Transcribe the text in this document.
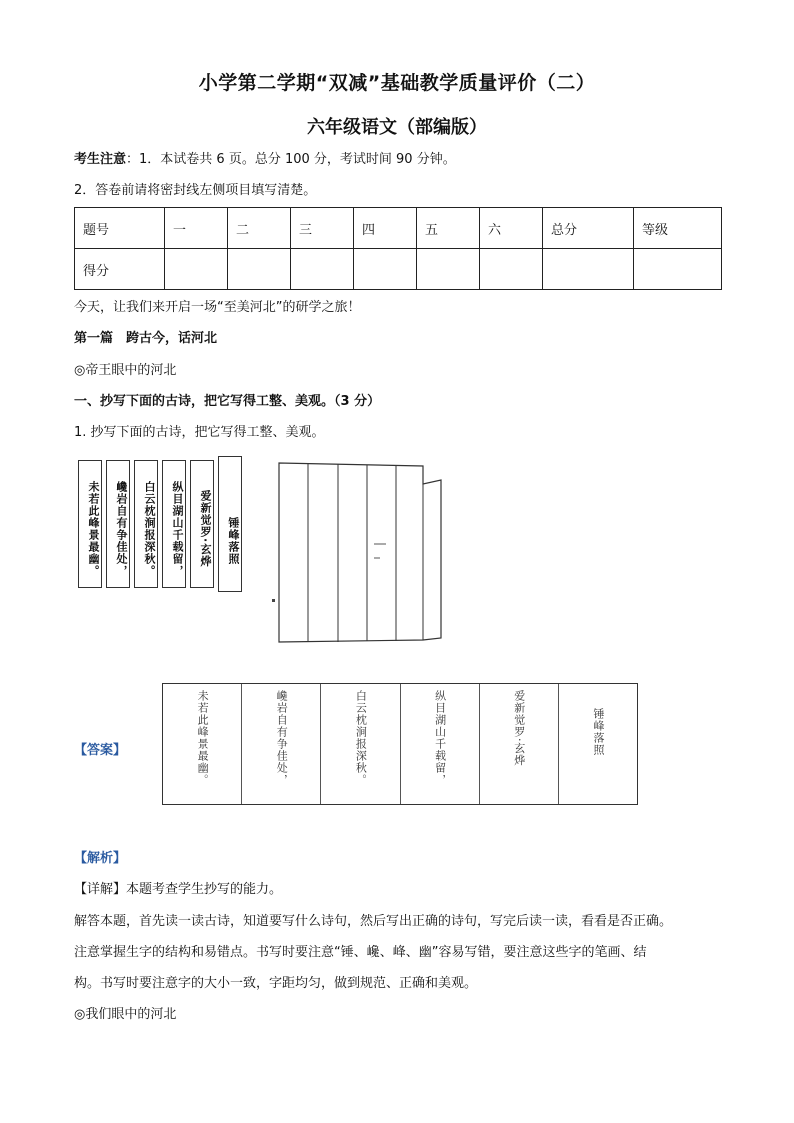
小学第二学期“双减”基础教学质量评价（二）
六年级语文（部编版）
考生注意：1．本试卷共 6 页。总分 100 分，考试时间 90 分钟。
2．答卷前请将密封线左侧项目填写清楚。
题号	一	二	三	四	五	六	总分	等级
得分								
今天，让我们来开启一场“至美河北”的研学之旅！
第一篇　跨古今，话河北
◎帝王眼中的河北
一、抄写下面的古诗，把它写得工整、美观。（3 分）
1. 抄写下面的古诗，把它写得工整、美观。
未若此峰景最幽。	巉岩自有争佳处，	白云枕涧报深秋。	纵目湖山千载留，	爱新觉罗·玄烨	锤峰落照
【答案】	未若此峰景最幽。	巉岩自有争佳处，	白云枕涧报深秋。	纵目湖山千载留，	爱新觉罗·玄烨	锤峰落照
【解析】
【详解】本题考查学生抄写的能力。
解答本题，首先读一读古诗，知道要写什么诗句，然后写出正确的诗句，写完后读一读，看看是否正确。
注意掌握生字的结构和易错点。书写时要注意“锤、巉、峰、幽”容易写错，要注意这些字的笔画、结
构。书写时要注意字的大小一致，字距均匀，做到规范、正确和美观。
◎我们眼中的河北
